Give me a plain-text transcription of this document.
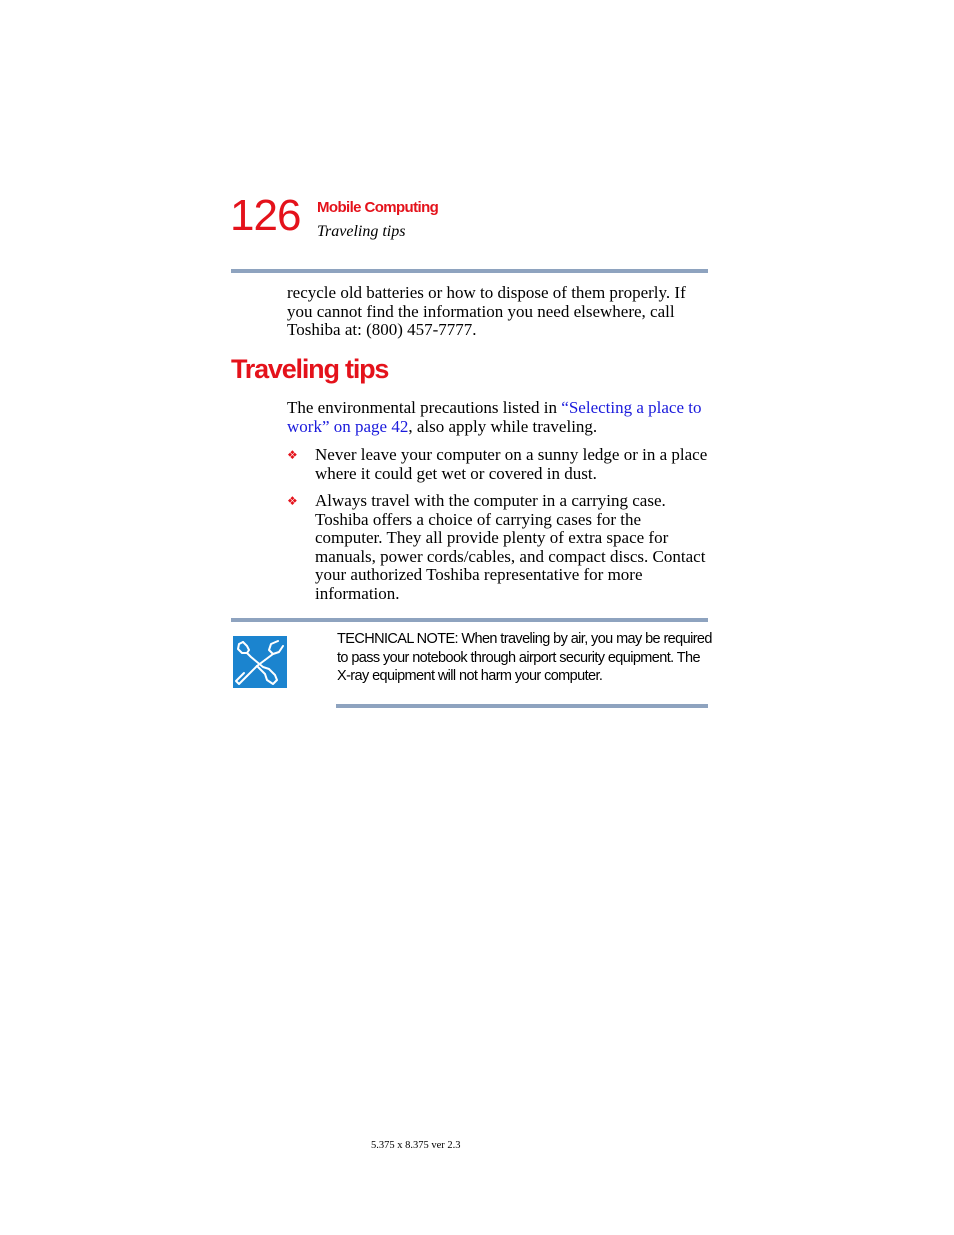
126 Mobile Computing
Traveling tips
recycle old batteries or how to dispose of them properly. If you cannot find the information you need elsewhere, call Toshiba at: (800) 457-7777.
Traveling tips
The environmental precautions listed in “Selecting a place to work” on page 42, also apply while traveling.
❖	Never leave your computer on a sunny ledge or in a place where it could get wet or covered in dust.
❖	Always travel with the computer in a carrying case. Toshiba offers a choice of carrying cases for the computer. They all provide plenty of extra space for manuals, power cords/cables, and compact discs. Contact your authorized Toshiba representative for more information.
TECHNICAL NOTE: When traveling by air, you may be required to pass your notebook through airport security equipment. The X-ray equipment will not harm your computer.
5.375 x 8.375 ver 2.3
